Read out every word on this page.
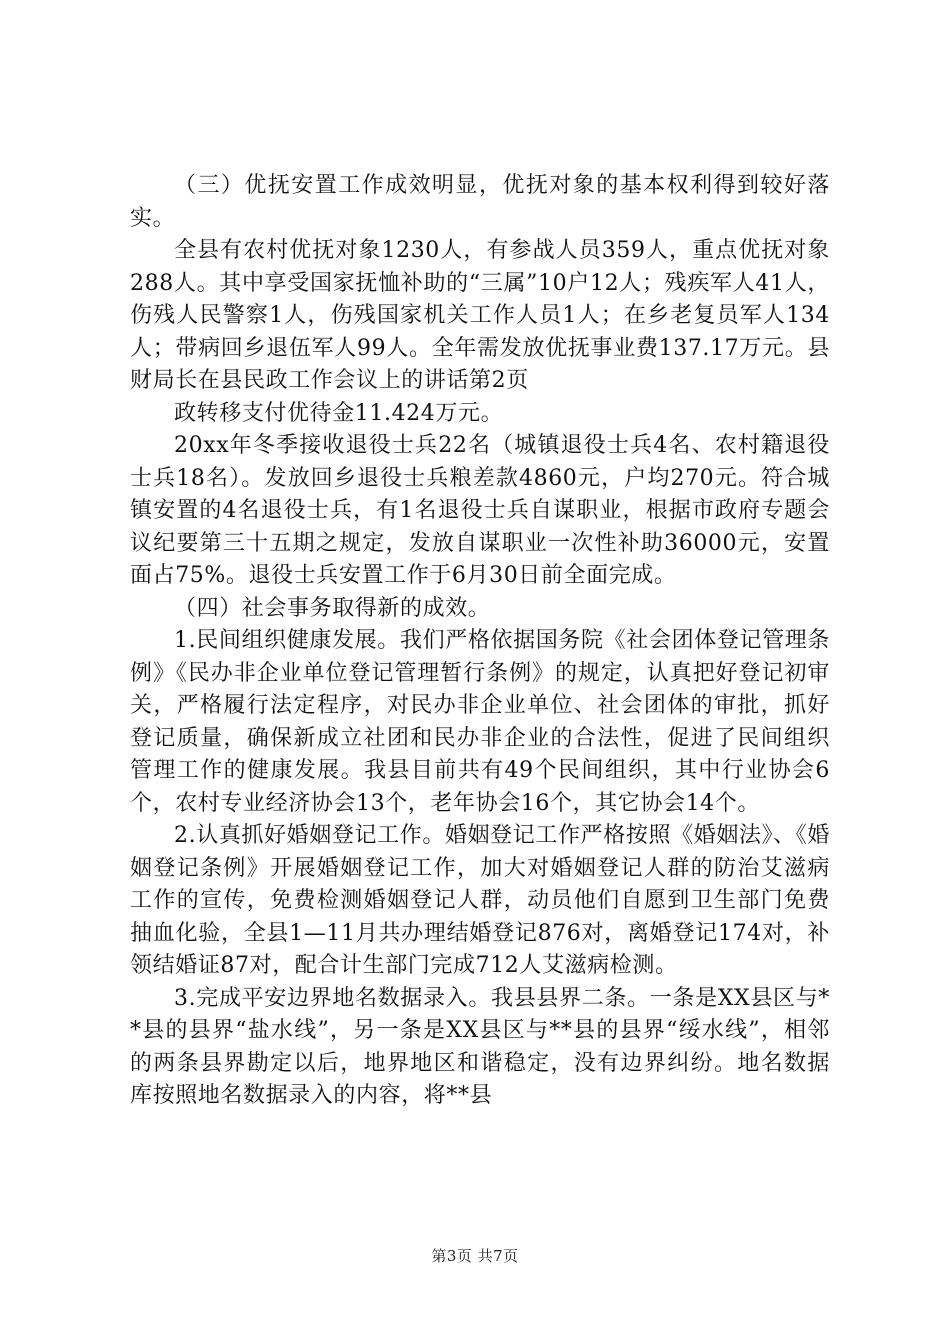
（三）优抚安置工作成效明显，优抚对象的基本权利得到较好落实。

全县有农村优抚对象1230人，有参战人员359人，重点优抚对象288人。其中享受国家抚恤补助的“三属”10户12人；残疾军人41人，伤残人民警察1人，伤残国家机关工作人员1人；在乡老复员军人134人；带病回乡退伍军人99人。全年需发放优抚事业费137.17万元。县财局长在县民政工作会议上的讲话第2页

政转移支付优待金11.424万元。

20xx年冬季接收退役士兵22名（城镇退役士兵4名、农村籍退役士兵18名）。发放回乡退役士兵粮差款4860元，户均270元。符合城镇安置的4名退役士兵，有1名退役士兵自谋职业，根据市政府专题会议纪要第三十五期之规定，发放自谋职业一次性补助36000元，安置面占75%。退役士兵安置工作于6月30日前全面完成。

（四）社会事务取得新的成效。

1.民间组织健康发展。我们严格依据国务院《社会团体登记管理条例》《民办非企业单位登记管理暂行条例》的规定，认真把好登记初审关，严格履行法定程序，对民办非企业单位、社会团体的审批，抓好登记质量，确保新成立社团和民办非企业的合法性，促进了民间组织管理工作的健康发展。我县目前共有49个民间组织，其中行业协会6个，农村专业经济协会13个，老年协会16个，其它协会14个。

2.认真抓好婚姻登记工作。婚姻登记工作严格按照《婚姻法》、《婚姻登记条例》开展婚姻登记工作，加大对婚姻登记人群的防治艾滋病工作的宣传，免费检测婚姻登记人群，动员他们自愿到卫生部门免费抽血化验，全县1—11月共办理结婚登记876对，离婚登记174对，补领结婚证87对，配合计生部门完成712人艾滋病检测。

3.完成平安边界地名数据录入。我县县界二条。一条是XX县区与**县的县界“盐水线”，另一条是XX县区与**县的县界“绥水线”，相邻的两条县界勘定以后，地界地区和谐稳定，没有边界纠纷。地名数据库按照地名数据录入的内容，将**县

第3页 共7页
